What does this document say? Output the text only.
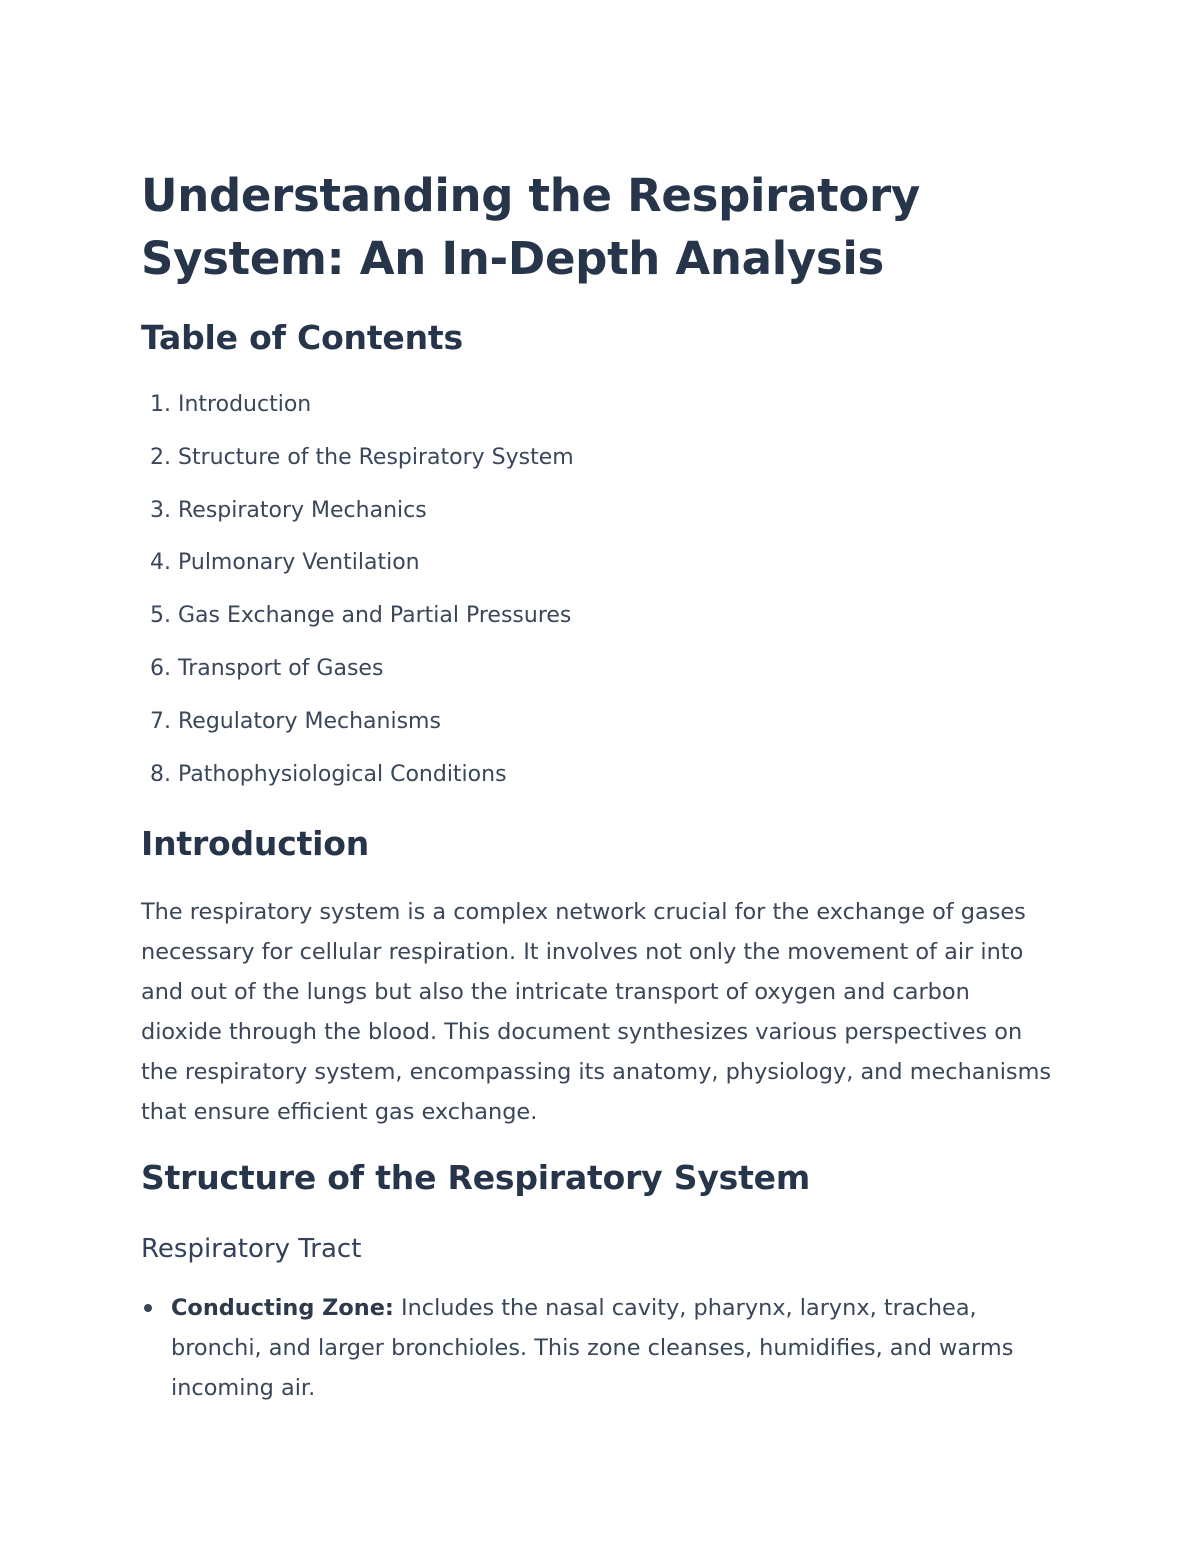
Understanding the Respiratory System: An In-Depth Analysis
Table of Contents
1. Introduction
2. Structure of the Respiratory System
3. Respiratory Mechanics
4. Pulmonary Ventilation
5. Gas Exchange and Partial Pressures
6. Transport of Gases
7. Regulatory Mechanisms
8. Pathophysiological Conditions
Introduction

The respiratory system is a complex network crucial for the exchange of gases necessary for cellular respiration. It involves not only the movement of air into and out of the lungs but also the intricate transport of oxygen and carbon dioxide through the blood. This document synthesizes various perspectives on the respiratory system, encompassing its anatomy, physiology, and mechanisms that ensure efficient gas exchange.

Structure of the Respiratory System
Respiratory Tract
Conducting Zone: Includes the nasal cavity, pharynx, larynx, trachea, bronchi, and larger bronchioles. This zone cleanses, humidifies, and warms incoming air.
